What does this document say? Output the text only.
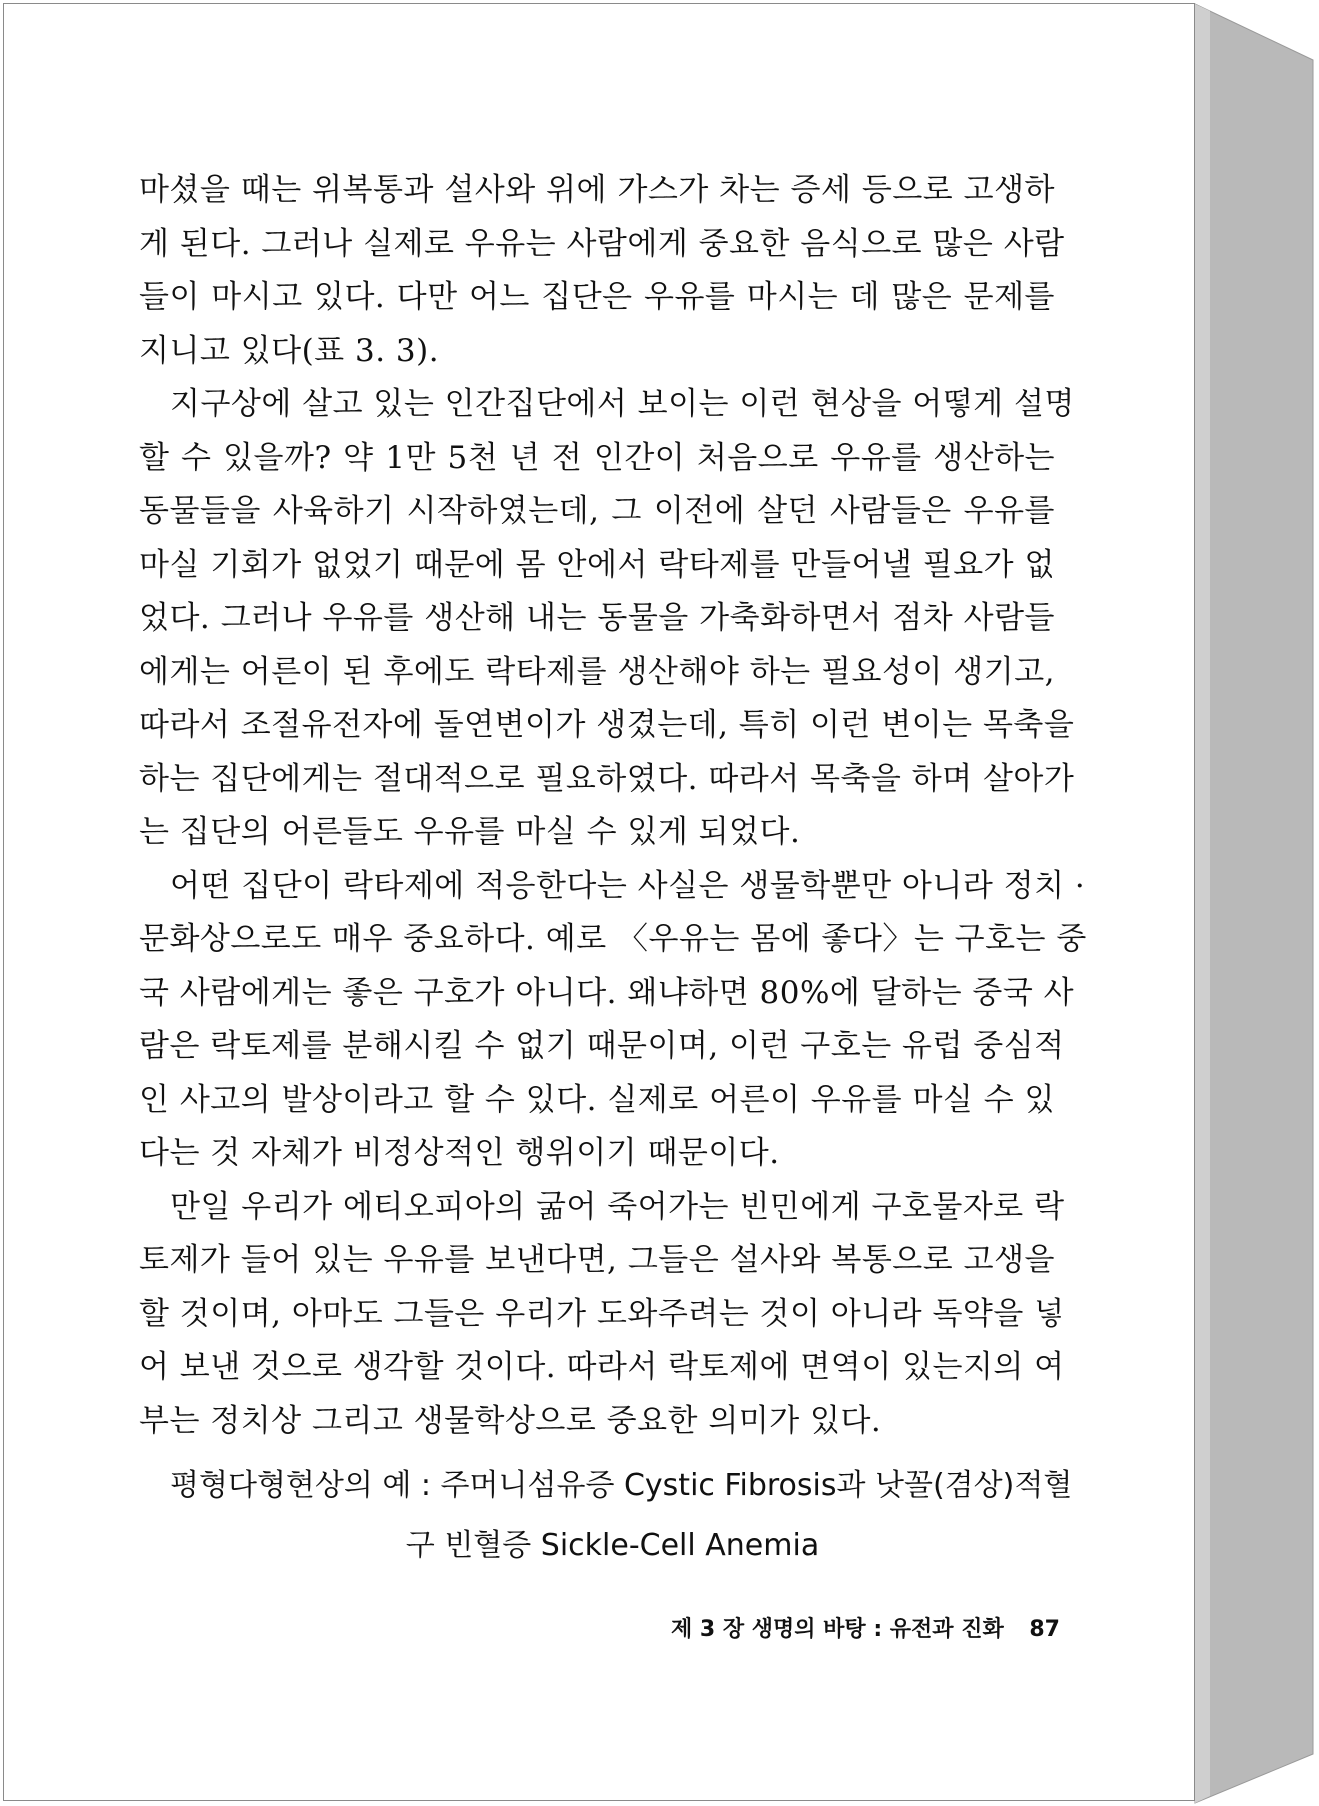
마셨을 때는 위복통과 설사와 위에 가스가 차는 증세 등으로 고생하
게 된다. 그러나 실제로 우유는 사람에게 중요한 음식으로 많은 사람
들이 마시고 있다. 다만 어느 집단은 우유를 마시는 데 많은 문제를
지니고 있다(표 3. 3).
지구상에 살고 있는 인간집단에서 보이는 이런 현상을 어떻게 설명
할 수 있을까? 약 1만 5천 년 전 인간이 처음으로 우유를 생산하는
동물들을 사육하기 시작하였는데, 그 이전에 살던 사람들은 우유를
마실 기회가 없었기 때문에 몸 안에서 락타제를 만들어낼 필요가 없
었다. 그러나 우유를 생산해 내는 동물을 가축화하면서 점차 사람들
에게는 어른이 된 후에도 락타제를 생산해야 하는 필요성이 생기고,
따라서 조절유전자에 돌연변이가 생겼는데, 특히 이런 변이는 목축을
하는 집단에게는 절대적으로 필요하였다. 따라서 목축을 하며 살아가
는 집단의 어른들도 우유를 마실 수 있게 되었다.
어떤 집단이 락타제에 적응한다는 사실은 생물학뿐만 아니라 정치 ·
문화상으로도 매우 중요하다. 예로 〈우유는 몸에 좋다〉는 구호는 중
국 사람에게는 좋은 구호가 아니다. 왜냐하면 80%에 달하는 중국 사
람은 락토제를 분해시킬 수 없기 때문이며, 이런 구호는 유럽 중심적
인 사고의 발상이라고 할 수 있다. 실제로 어른이 우유를 마실 수 있
다는 것 자체가 비정상적인 행위이기 때문이다.
만일 우리가 에티오피아의 굶어 죽어가는 빈민에게 구호물자로 락
토제가 들어 있는 우유를 보낸다면, 그들은 설사와 복통으로 고생을
할 것이며, 아마도 그들은 우리가 도와주려는 것이 아니라 독약을 넣
어 보낸 것으로 생각할 것이다. 따라서 락토제에 면역이 있는지의 여
부는 정치상 그리고 생물학상으로 중요한 의미가 있다.
평형다형현상의 예 : 주머니섬유증 Cystic Fibrosis과 낫꼴(겸상)적혈
구 빈혈증 Sickle-Cell Anemia
제 3 장 생명의 바탕 : 유전과 진화 87
